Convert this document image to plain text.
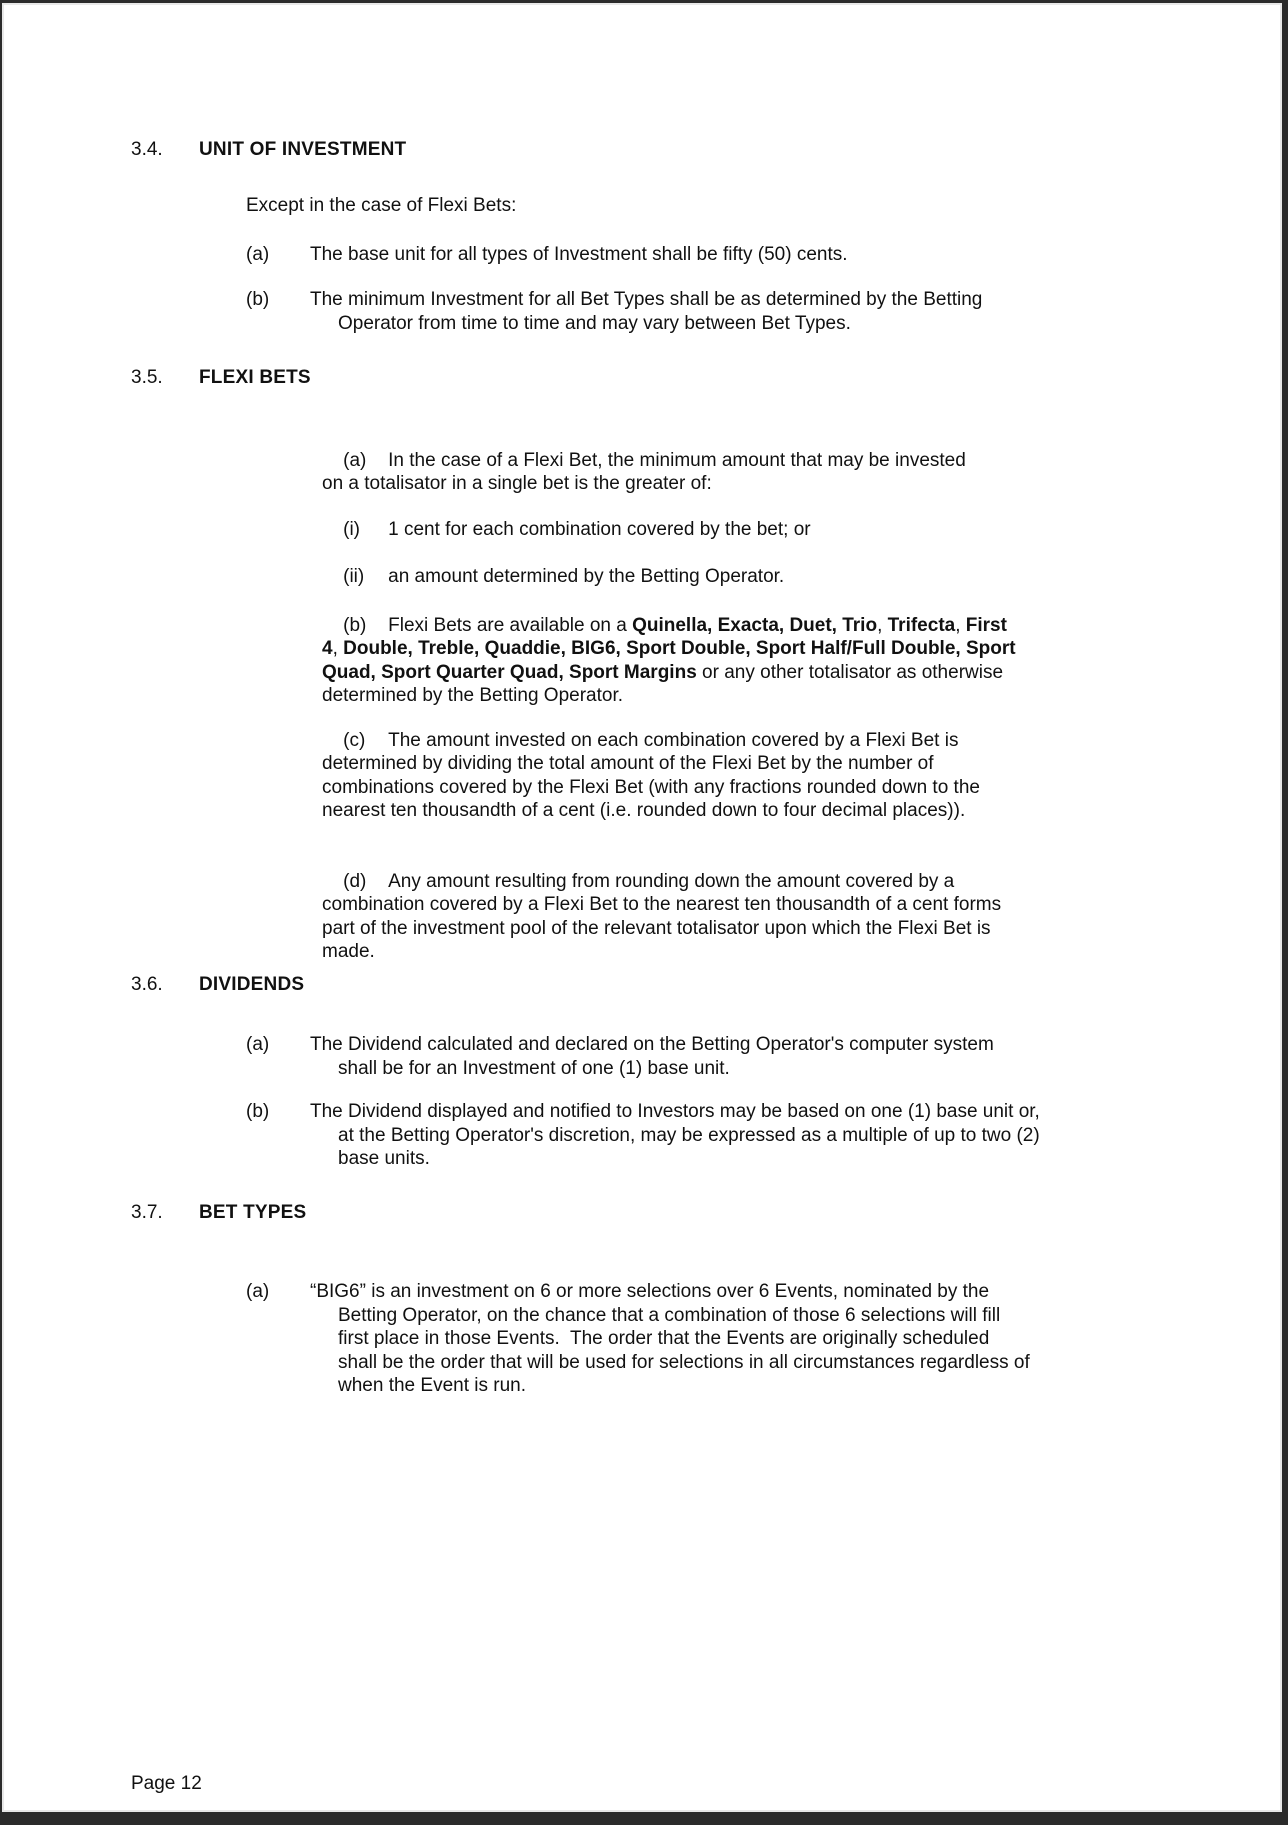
3.4. UNIT OF INVESTMENT
Except in the case of Flexi Bets:
(a)	The base unit for all types of Investment shall be fifty (50) cents.
(b)	The minimum Investment for all Bet Types shall be as determined by the Betting Operator from time to time and may vary between Bet Types.
3.5. FLEXI BETS

(a) In the case of a Flexi Bet, the minimum amount that may be invested on a totalisator in a single bet is the greater of:

(i) 1 cent for each combination covered by the bet; or

(ii) an amount determined by the Betting Operator.

(b) Flexi Bets are available on a Quinella, Exacta, Duet, Trio, Trifecta, First 4, Double, Treble, Quaddie, BIG6, Sport Double, Sport Half/Full Double, Sport Quad, Sport Quarter Quad, Sport Margins or any other totalisator as otherwise determined by the Betting Operator.

(c) The amount invested on each combination covered by a Flexi Bet is determined by dividing the total amount of the Flexi Bet by the number of combinations covered by the Flexi Bet (with any fractions rounded down to the nearest ten thousandth of a cent (i.e. rounded down to four decimal places)).

(d) Any amount resulting from rounding down the amount covered by a combination covered by a Flexi Bet to the nearest ten thousandth of a cent forms part of the investment pool of the relevant totalisator upon which the Flexi Bet is made.

3.6. DIVIDENDS
(a)	The Dividend calculated and declared on the Betting Operator's computer system shall be for an Investment of one (1) base unit.
(b)	The Dividend displayed and notified to Investors may be based on one (1) base unit or, at the Betting Operator's discretion, may be expressed as a multiple of up to two (2) base units.
3.7. BET TYPES
(a)	“BIG6” is an investment on 6 or more selections over 6 Events, nominated by the Betting Operator, on the chance that a combination of those 6 selections will fill first place in those Events.  The order that the Events are originally scheduled shall be the order that will be used for selections in all circumstances regardless of when the Event is run.
Page 12
